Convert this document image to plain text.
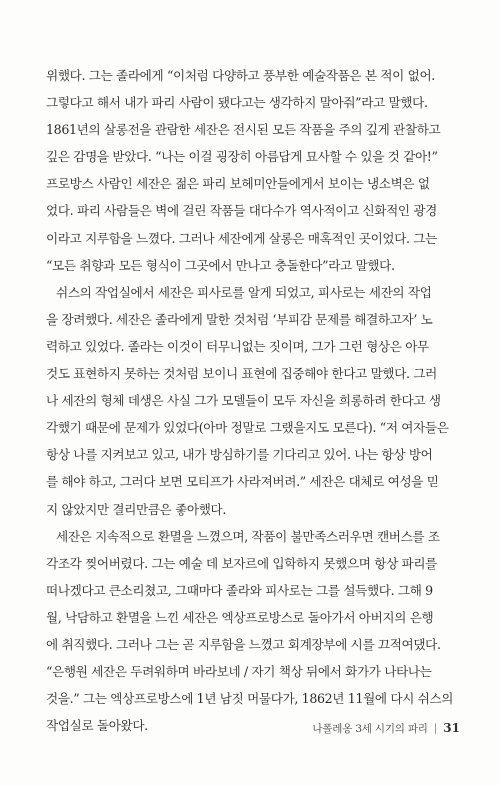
위했다. 그는 졸라에게 “이처럼 다양하고 풍부한 예술작품은 본 적이 없어.
그렇다고 해서 내가 파리 사람이 됐다고는 생각하지 말아줘”라고 말했다.
1861년의 살롱전을 관람한 세잔은 전시된 모든 작품을 주의 깊게 관찰하고
깊은 감명을 받았다. “나는 이걸 굉장히 아름답게 묘사할 수 있을 것 같아!”
프로방스 사람인 세잔은 젊은 파리 보헤미안들에게서 보이는 냉소벽은 없
었다. 파리 사람들은 벽에 걸린 작품들 대다수가 역사적이고 신화적인 광경
이라고 지루함을 느꼈다. 그러나 세잔에게 살롱은 매혹적인 곳이었다. 그는
“모든 취향과 모든 형식이 그곳에서 만나고 충돌한다”라고 말했다.
쉬스의 작업실에서 세잔은 피사로를 알게 되었고, 피사로는 세잔의 작업
을 장려했다. 세잔은 졸라에게 말한 것처럼 ‘부피감 문제를 해결하고자’ 노
력하고 있었다. 졸라는 이것이 터무니없는 짓이며, 그가 그런 형상은 아무
것도 표현하지 못하는 것처럼 보이니 표현에 집중해야 한다고 말했다. 그러
나 세잔의 형체 데생은 사실 그가 모델들이 모두 자신을 희롱하려 한다고 생
각했기 때문에 문제가 있었다(아마 정말로 그랬을지도 모른다). “저 여자들은
항상 나를 지켜보고 있고, 내가 방심하기를 기다리고 있어. 나는 항상 방어
를 해야 하고, 그러다 보면 모티프가 사라져버려.” 세잔은 대체로 여성을 믿
지 않았지만 결리만큼은 좋아했다.
세잔은 지속적으로 환멸을 느꼈으며, 작품이 불만족스러우면 캔버스를 조
각조각 찢어버렸다. 그는 예술 데 보자르에 입학하지 못했으며 항상 파리를
떠나겠다고 큰소리쳤고, 그때마다 졸라와 피사로는 그를 설득했다. 그해 9
월, 낙담하고 환멸을 느낀 세잔은 엑상프로방스로 돌아가서 아버지의 은행
에 취직했다. 그러나 그는 곧 지루함을 느꼈고 회계장부에 시를 끄적여댔다.
“은행원 세잔은 두려워하며 바라보네 / 자기 책상 뒤에서 화가가 나타나는
것을.” 그는 엑상프로방스에 1년 남짓 머물다가, 1862년 11월에 다시 쉬스의
작업실로 돌아왔다.	나폴레옹 3세 시기의 파리 | 31
